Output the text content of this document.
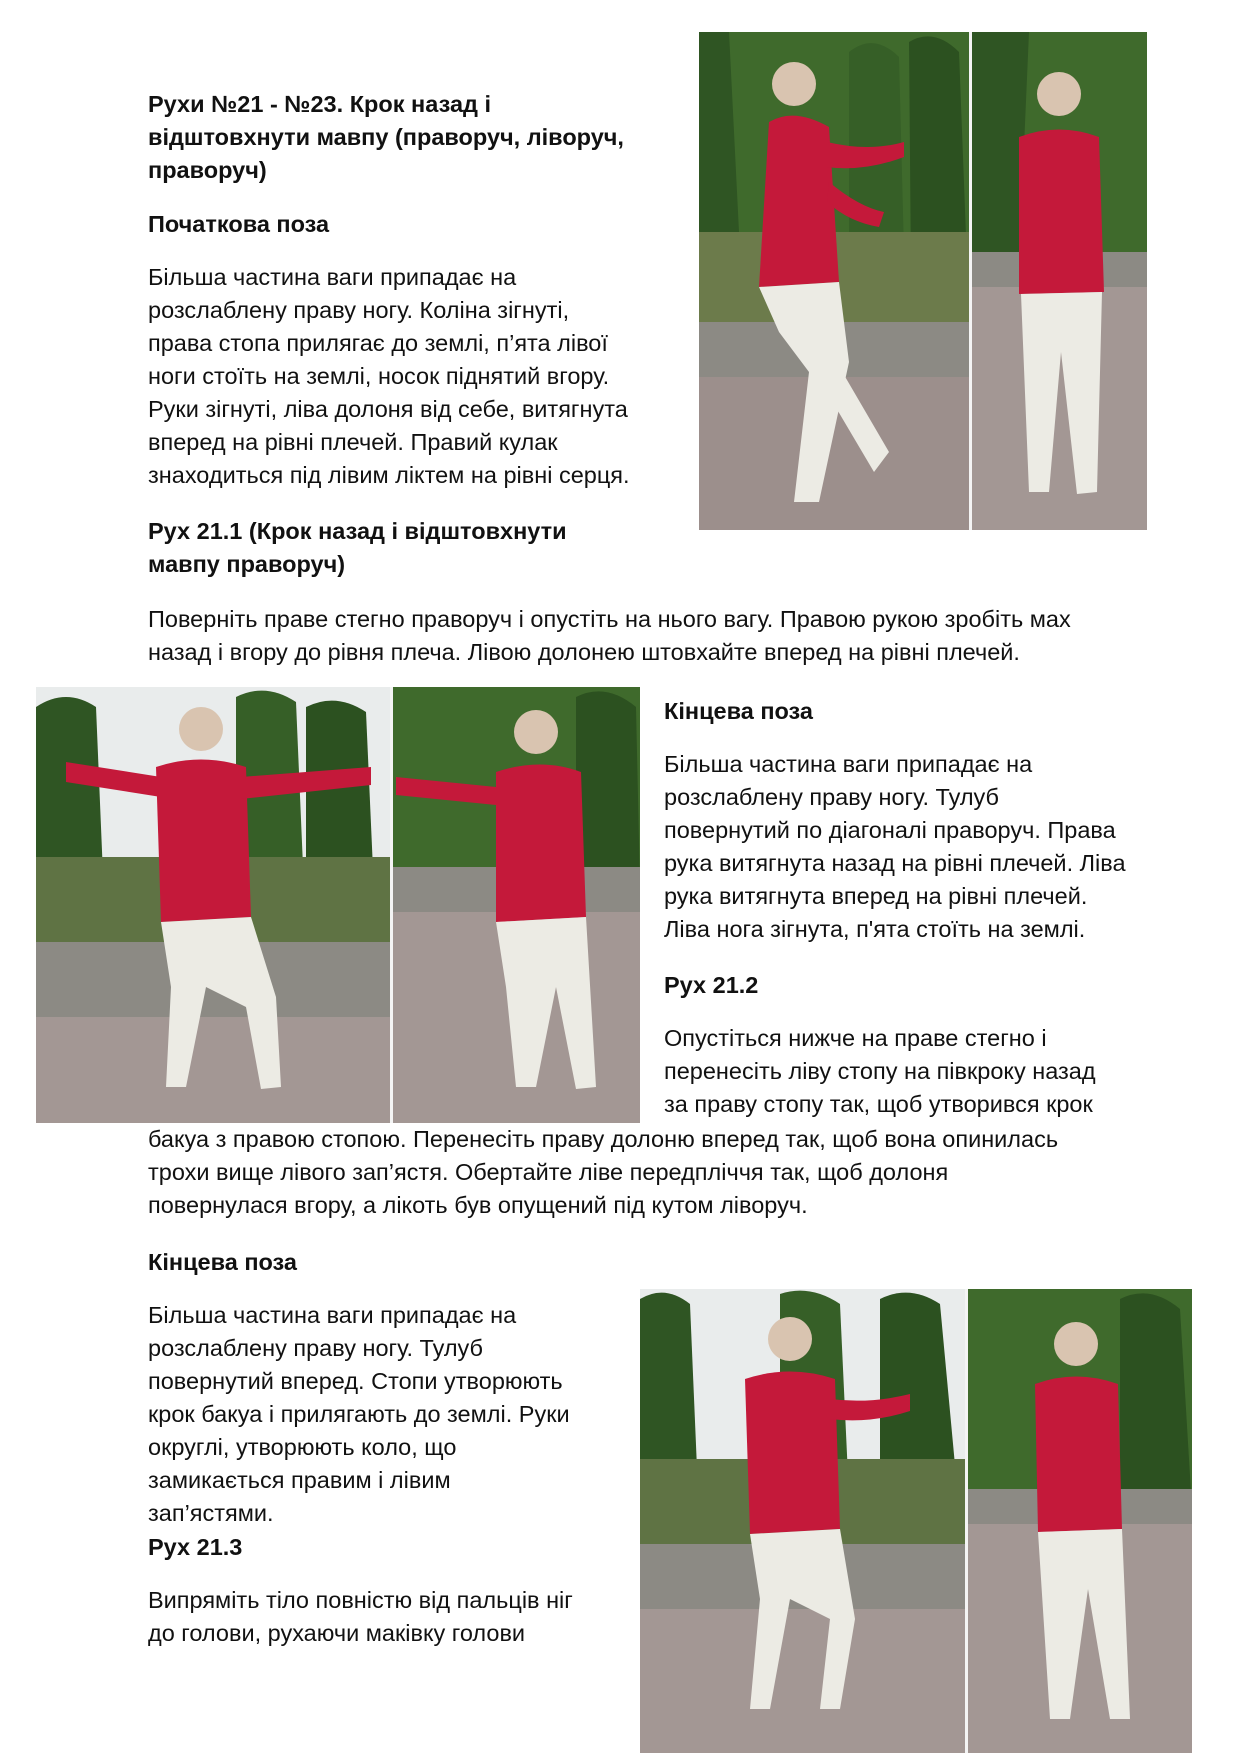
Рухи №21 - №23. Крок назад і
відштовхнути мавпу (праворуч, ліворуч,
праворуч)

Початкова поза

Більша частина ваги припадає на
розслаблену праву ногу. Коліна зігнуті,
права стопа прилягає до землі, п’ята лівої
ноги стоїть на землі, носок піднятий вгору.
Руки зігнуті, ліва долоня від себе, витягнута
вперед на рівні плечей. Правий кулак
знаходиться під лівим ліктем на рівні серця.

Рух 21.1 (Крок назад і відштовхнути
мавпу праворуч)

Поверніть праве стегно праворуч і опустіть на нього вагу. Правою рукою зробіть мах
назад і вгору до рівня плеча. Лівою долонею штовхайте вперед на рівні плечей.

Кінцева поза

Більша частина ваги припадає на
розслаблену праву ногу. Тулуб
повернутий по діагоналі праворуч. Права
рука витягнута назад на рівні плечей. Ліва
рука витягнута вперед на рівні плечей.
Ліва нога зігнута, п'ята стоїть на землі.

Рух 21.2

Опустіться нижче на праве стегно і
перенесіть ліву стопу на півкроку назад
за праву стопу так, щоб утворився крок

бакуа з правою стопою. Перенесіть праву долоню вперед так, щоб вона опинилась
трохи вище лівого зап’ястя. Обертайте ліве передпліччя так, щоб долоня
повернулася вгору, а лікоть був опущений під кутом ліворуч.

Кінцева поза

Більша частина ваги припадає на
розслаблену праву ногу. Тулуб
повернутий вперед. Стопи утворюють
крок бакуа і прилягають до землі. Руки
округлі, утворюють коло, що
замикається правим і лівим
зап’ястями.

Рух 21.3

Випряміть тіло повністю від пальців ніг
до голови, рухаючи маківку голови
